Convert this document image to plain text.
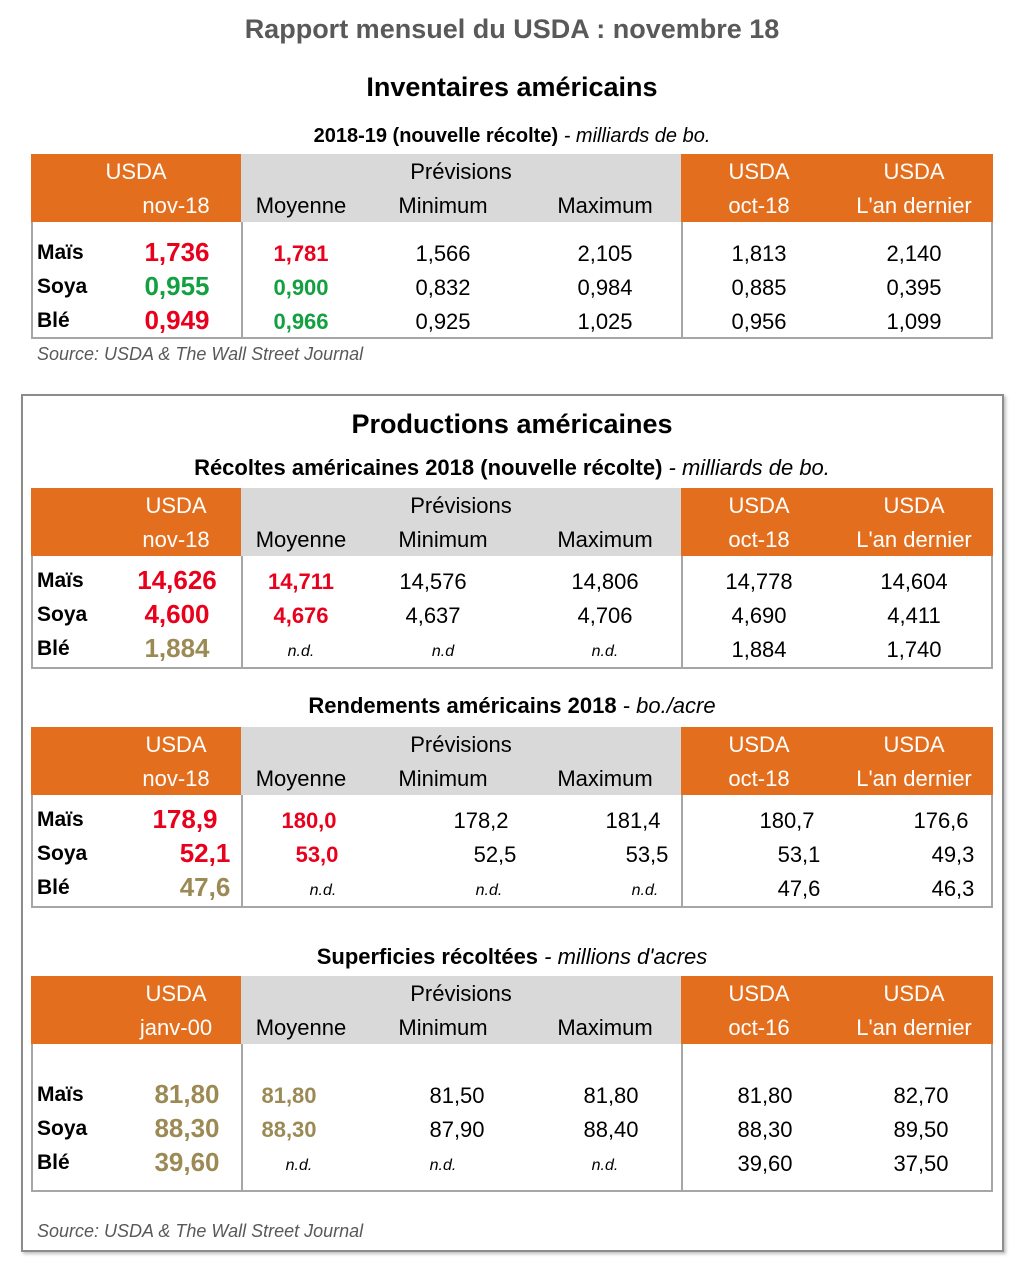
Rapport mensuel du USDA : novembre 18
Inventaires américains
2018-19 (nouvelle récolte) - milliards de bo.
USDA
nov-18
Prévisions
Moyenne	Minimum	Maximum
USDA
oct-18
USDA
L'an dernier
Maïs	1,736	1,781	1,566	2,105	1,813	2,140
Soya	0,955	0,900	0,832	0,984	0,885	0,395
Blé	0,949	0,966	0,925	1,025	0,956	1,099
Source: USDA & The Wall Street Journal
Productions américaines
Récoltes américaines 2018 (nouvelle récolte) - milliards de bo.
USDA
nov-18
Prévisions
Moyenne	Minimum	Maximum
USDA
oct-18
USDA
L'an dernier
Maïs	14,626	14,711	14,576	14,806	14,778	14,604
Soya	4,600	4,676	4,637	4,706	4,690	4,411
Blé	1,884	n.d.	n.d	n.d.	1,884	1,740
Rendements américains 2018 - bo./acre
USDA
nov-18
Prévisions
Moyenne	Minimum	Maximum
USDA
oct-18
USDA
L'an dernier
Maïs	178,9	180,0	178,2	181,4	180,7	176,6
Soya	52,1	53,0	52,5	53,5	53,1	49,3
Blé	47,6	n.d.	n.d.	n.d.	47,6	46,3
Superficies récoltées - millions d'acres
USDA
janv-00
Prévisions
Moyenne	Minimum	Maximum
USDA
oct-16
USDA
L'an dernier
Maïs	81,80	81,80	81,50	81,80	81,80	82,70
Soya	88,30	88,30	87,90	88,40	88,30	89,50
Blé	39,60	n.d.	n.d.	n.d.	39,60	37,50
Source: USDA & The Wall Street Journal
